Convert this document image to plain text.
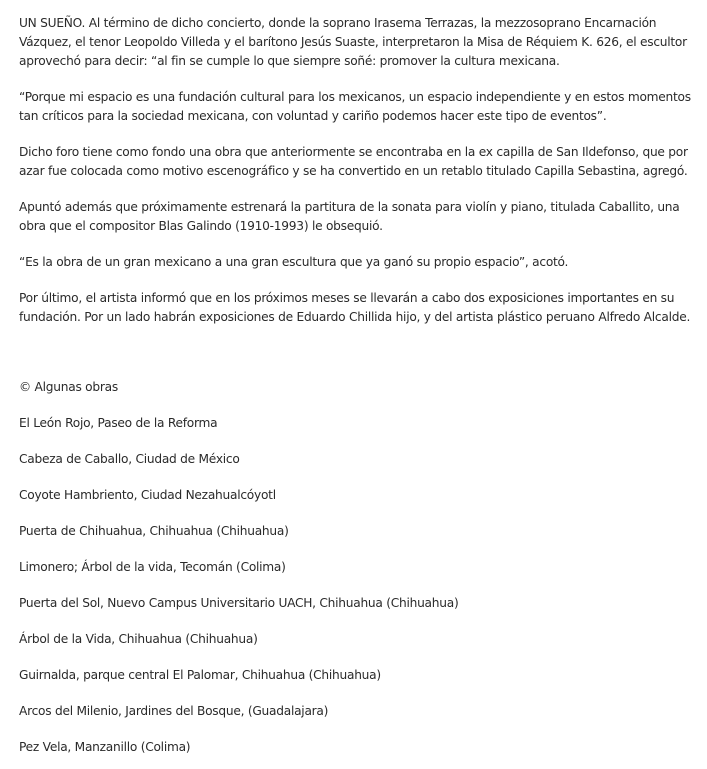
UN SUEÑO. Al término de dicho concierto, donde la soprano Irasema Terrazas, la mezzosoprano Encarnación Vázquez, el tenor Leopoldo Villeda y el barítono Jesús Suaste, interpretaron la Misa de Réquiem K. 626, el escultor aprovechó para decir: “al fin se cumple lo que siempre soñé: promover la cultura mexicana.

“Porque mi espacio es una fundación cultural para los mexicanos, un espacio independiente y en estos momentos tan críticos para la sociedad mexicana, con voluntad y cariño podemos hacer este tipo de eventos”.

Dicho foro tiene como fondo una obra que anteriormente se encontraba en la ex capilla de San Ildefonso, que por azar fue colocada como motivo escenográfico y se ha convertido en un retablo titulado Capilla Sebastina, agregó.

Apuntó además que próximamente estrenará la partitura de la sonata para violín y piano, titulada Caballito, una obra que el compositor Blas Galindo (1910-1993) le obsequió.

“Es la obra de un gran mexicano a una gran escultura que ya ganó su propio espacio”, acotó.

Por último, el artista informó que en los próximos meses se llevarán a cabo dos exposiciones importantes en su fundación. Por un lado habrán exposiciones de Eduardo Chillida hijo, y del artista plástico peruano Alfredo Alcalde.

© Algunas obras
El León Rojo, Paseo de la Reforma
Cabeza de Caballo, Ciudad de México
Coyote Hambriento, Ciudad Nezahualcóyotl
Puerta de Chihuahua, Chihuahua (Chihuahua)
Limonero; Árbol de la vida, Tecomán (Colima)
Puerta del Sol, Nuevo Campus Universitario UACH, Chihuahua (Chihuahua)
Árbol de la Vida, Chihuahua (Chihuahua)
Guirnalda, parque central El Palomar, Chihuahua (Chihuahua)
Arcos del Milenio, Jardines del Bosque, (Guadalajara)
Pez Vela, Manzanillo (Colima)
